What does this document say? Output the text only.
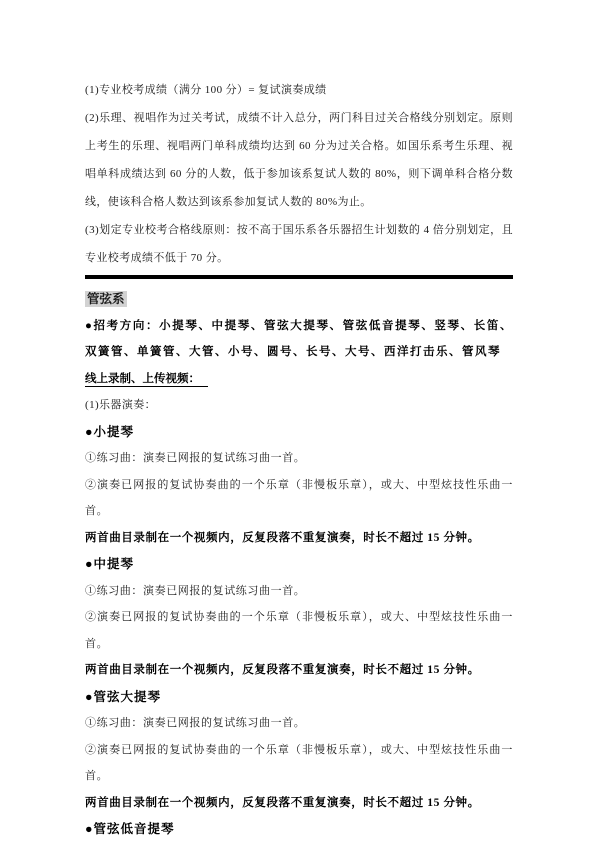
(1)专业校考成绩（满分 100 分）= 复试演奏成绩

(2)乐理、视唱作为过关考试，成绩不计入总分，两门科目过关合格线分别划定。原则上考生的乐理、视唱两门单科成绩均达到 60 分为过关合格。如国乐系考生乐理、视唱单科成绩达到 60 分的人数，低于参加该系复试人数的 80%，则下调单科合格分数线，使该科合格人数达到该系参加复试人数的 80%为止。

(3)划定专业校考合格线原则：按不高于国乐系各乐器招生计划数的 4 倍分别划定，且专业校考成绩不低于 70 分。

管弦系

●招考方向：小提琴、中提琴、管弦大提琴、管弦低音提琴、竖琴、长笛、双簧管、单簧管、大管、小号、圆号、长号、大号、西洋打击乐、管风琴

线上录制、上传视频：

(1)乐器演奏：

●小提琴

①练习曲：演奏已网报的复试练习曲一首。

②演奏已网报的复试协奏曲的一个乐章（非慢板乐章），或大、中型炫技性乐曲一首。

两首曲目录制在一个视频内，反复段落不重复演奏，时长不超过 15 分钟。

●中提琴

①练习曲：演奏已网报的复试练习曲一首。

②演奏已网报的复试协奏曲的一个乐章（非慢板乐章），或大、中型炫技性乐曲一首。

两首曲目录制在一个视频内，反复段落不重复演奏，时长不超过 15 分钟。

●管弦大提琴

①练习曲：演奏已网报的复试练习曲一首。

②演奏已网报的复试协奏曲的一个乐章（非慢板乐章），或大、中型炫技性乐曲一首。

两首曲目录制在一个视频内，反复段落不重复演奏，时长不超过 15 分钟。

●管弦低音提琴
